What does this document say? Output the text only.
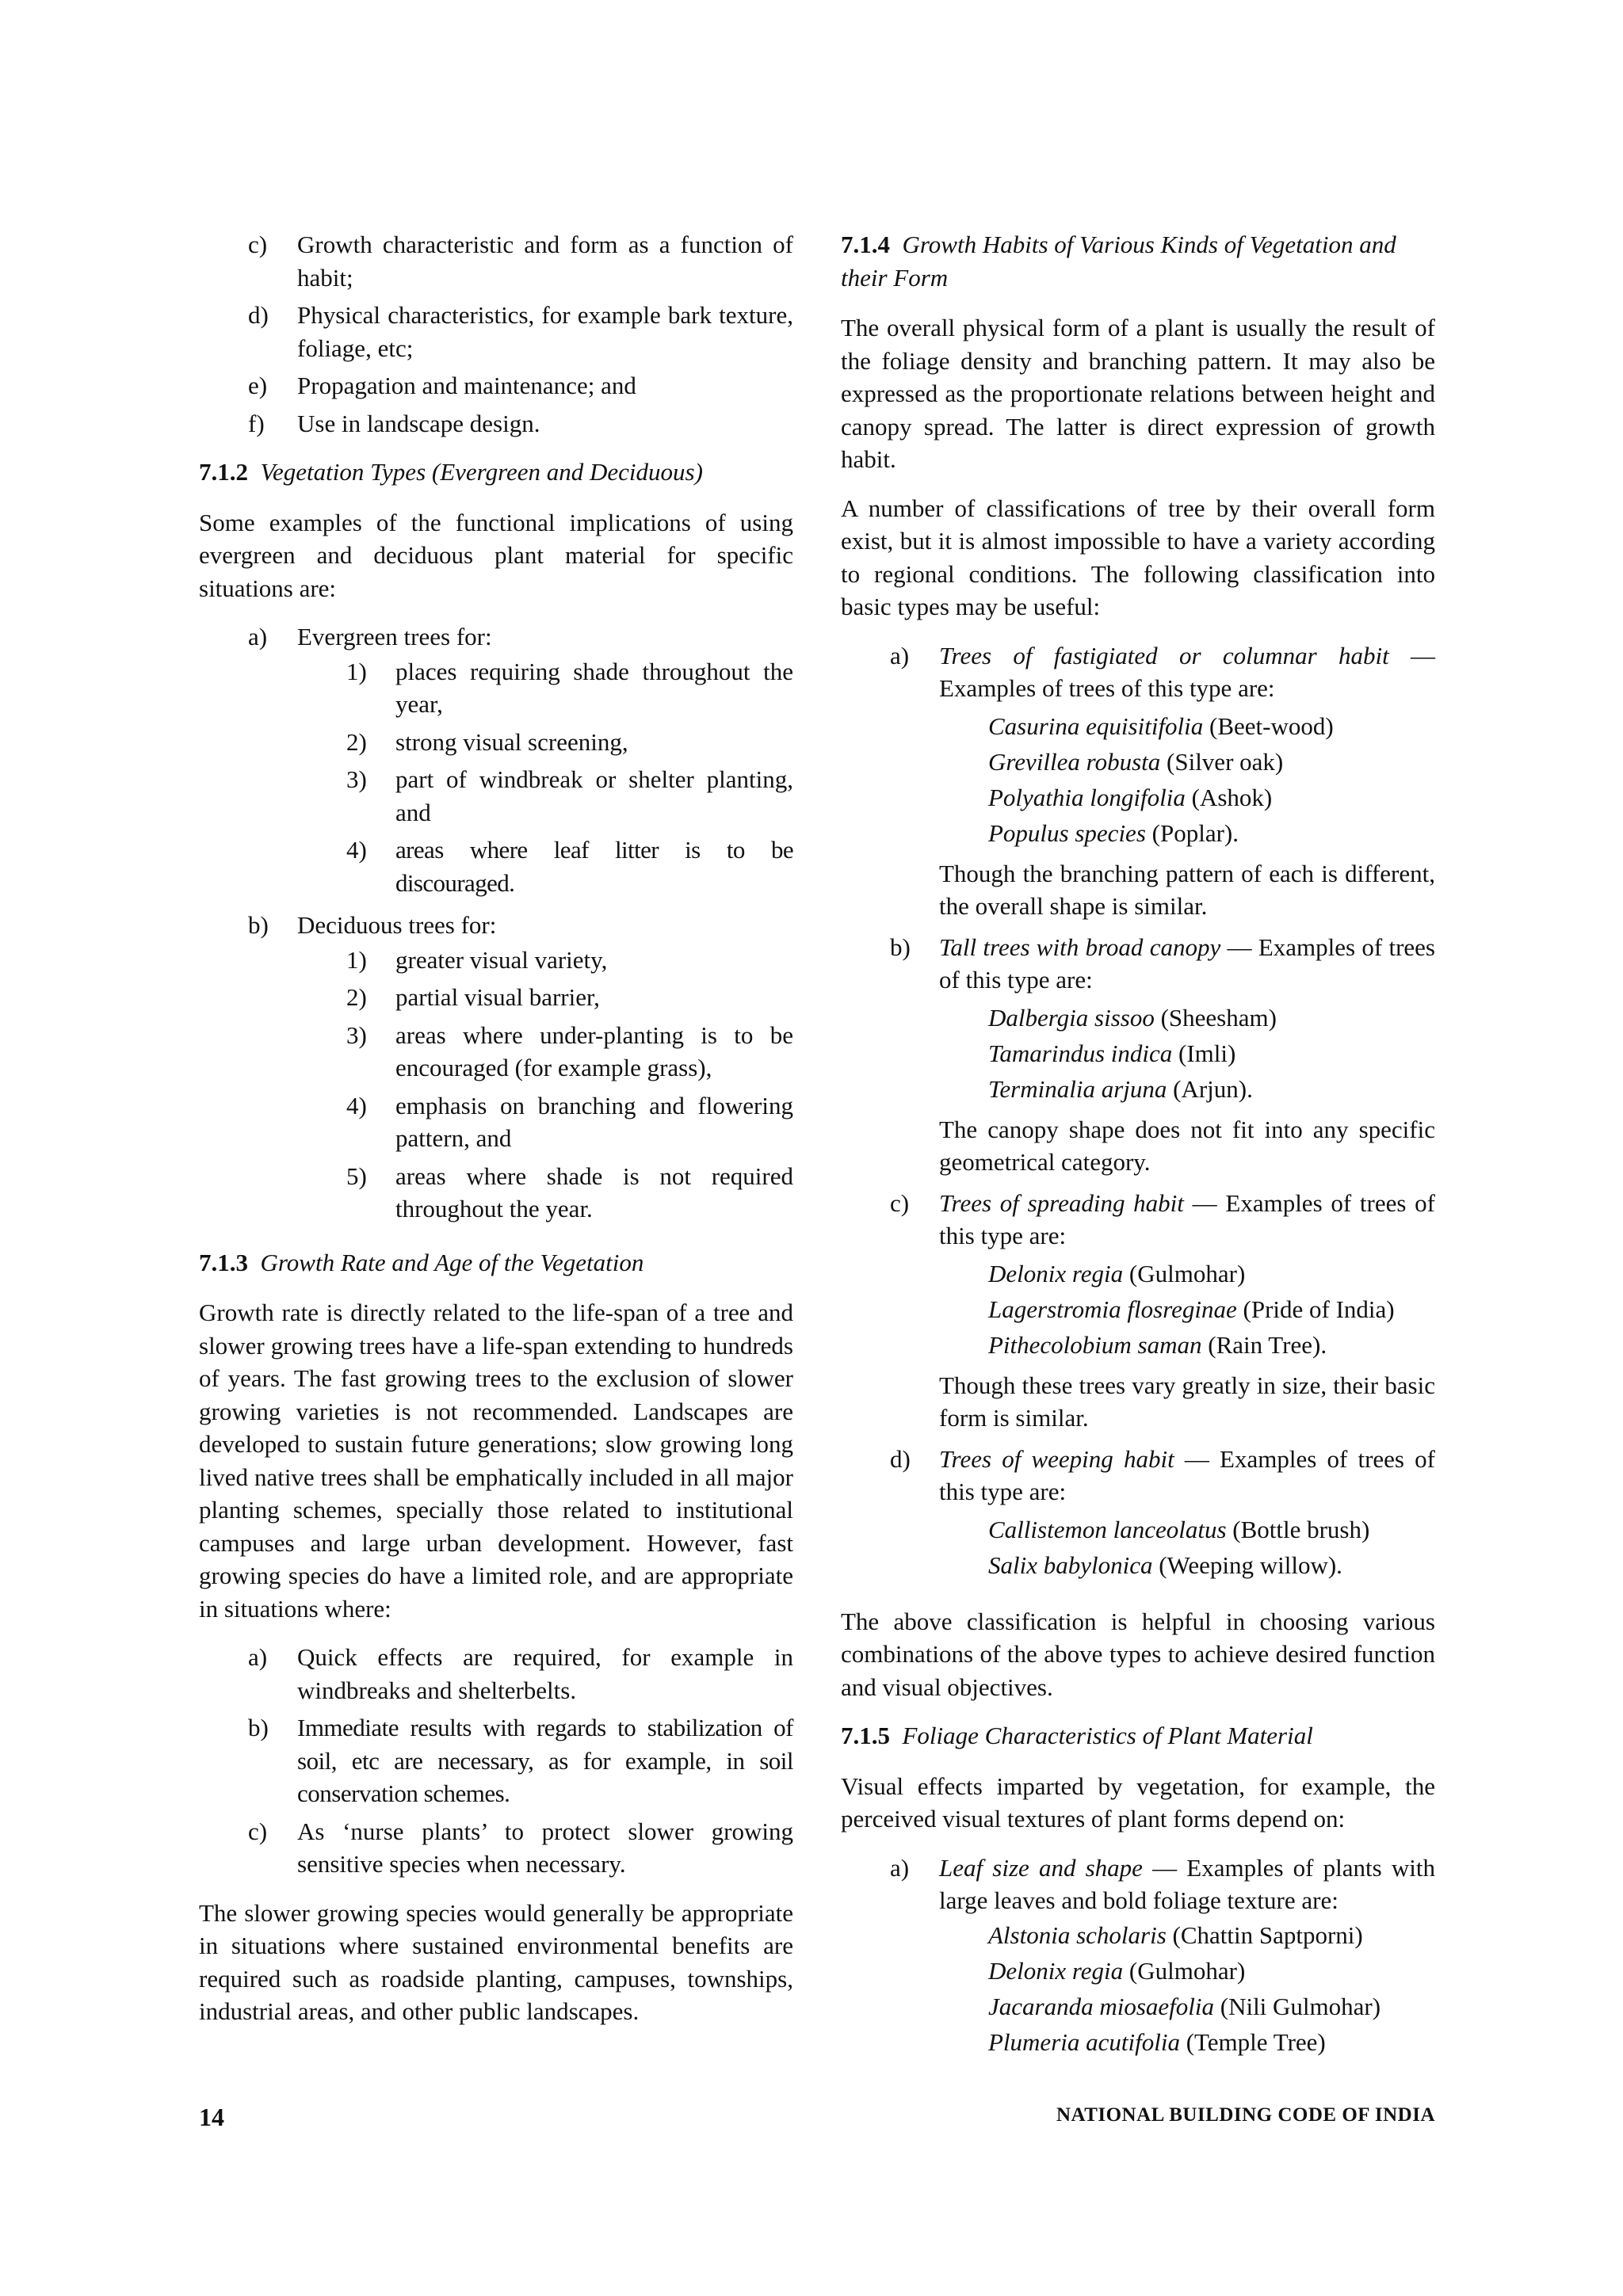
c)	Growth characteristic and form as a function of habit;
d)	Physical characteristics, for example bark texture, foliage, etc;
e)	Propagation and maintenance; and
f)	Use in landscape design.

7.1.2 Vegetation Types (Evergreen and Deciduous)

Some examples of the functional implications of using evergreen and deciduous plant material for specific situations are:

a)	Evergreen trees for:
1)	places requiring shade throughout the year,
2)	strong visual screening,
3)	part of windbreak or shelter planting, and
4)	areas where leaf litter is to be discouraged.
b)	Deciduous trees for:
1)	greater visual variety,
2)	partial visual barrier,
3)	areas where under-planting is to be encouraged (for example grass),
4)	emphasis on branching and flowering pattern, and
5)	areas where shade is not required throughout the year.

7.1.3 Growth Rate and Age of the Vegetation

Growth rate is directly related to the life-span of a tree and slower growing trees have a life-span extending to hundreds of years. The fast growing trees to the exclusion of slower growing varieties is not recommended. Landscapes are developed to sustain future generations; slow growing long lived native trees shall be emphatically included in all major planting schemes, specially those related to institutional campuses and large urban development. However, fast growing species do have a limited role, and are appropriate in situations where:

a)	Quick effects are required, for example in windbreaks and shelterbelts.
b)	Immediate results with regards to stabilization of soil, etc are necessary, as for example, in soil conservation schemes.
c)	As ‘nurse plants’ to protect slower growing sensitive species when necessary.

The slower growing species would generally be appropriate in situations where sustained environmental benefits are required such as roadside planting, campuses, townships, industrial areas, and other public landscapes.

7.1.4 Growth Habits of Various Kinds of Vegetation and their Form

The overall physical form of a plant is usually the result of the foliage density and branching pattern. It may also be expressed as the proportionate relations between height and canopy spread. The latter is direct expression of growth habit.

A number of classifications of tree by their overall form exist, but it is almost impossible to have a variety according to regional conditions. The following classification into basic types may be useful:

a)	Trees of fastigiated or columnar habit — Examples of trees of this type are:
Casurina equisitifolia (Beet-wood)
Grevillea robusta (Silver oak)
Polyathia longifolia (Ashok)
Populus species (Poplar).
Though the branching pattern of each is different, the overall shape is similar.
b)	Tall trees with broad canopy — Examples of trees of this type are:
Dalbergia sissoo (Sheesham)
Tamarindus indica (Imli)
Terminalia arjuna (Arjun).
The canopy shape does not fit into any specific geometrical category.
c)	Trees of spreading habit — Examples of trees of this type are:
Delonix regia (Gulmohar)
Lagerstromia flosreginae (Pride of India)
Pithecolobium saman (Rain Tree).
Though these trees vary greatly in size, their basic form is similar.
d)	Trees of weeping habit — Examples of trees of this type are:
Callistemon lanceolatus (Bottle brush)
Salix babylonica (Weeping willow).

The above classification is helpful in choosing various combinations of the above types to achieve desired function and visual objectives.

7.1.5 Foliage Characteristics of Plant Material

Visual effects imparted by vegetation, for example, the perceived visual textures of plant forms depend on:

a)	Leaf size and shape — Examples of plants with large leaves and bold foliage texture are:
Alstonia scholaris (Chattin Saptporni)
Delonix regia (Gulmohar)
Jacaranda miosaefolia (Nili Gulmohar)
Plumeria acutifolia (Temple Tree)
14	NATIONAL BUILDING CODE OF INDIA
